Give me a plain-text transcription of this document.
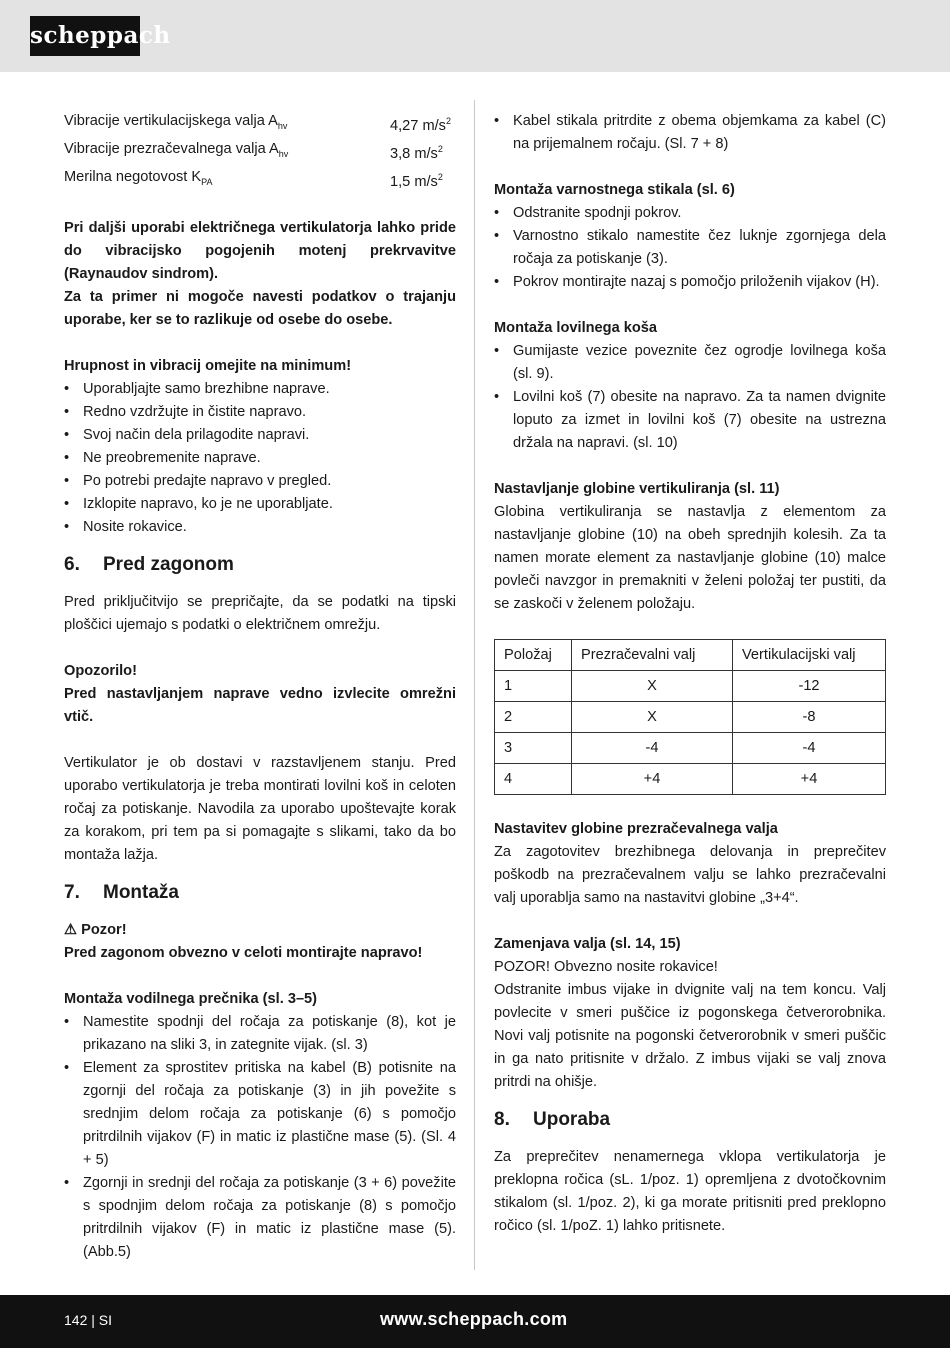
scheppach
Vibracije vertikulacijskega valja $A_{hv}$	4,27 $m/s^2$
Vibracije prezračevalnega valja $A_{hv}$	3,8 $m/s^2$
Merilna negotovost $K_{PA}$	1,5 $m/s^2$

Pri daljši uporabi električnega vertikulatorja lahko pride do vibracijsko pogojenih motenj prekrvavitve (Raynaudov sindrom).

Za ta primer ni mogoče navesti podatkov o trajanju uporabe, ker se to razlikuje od osebe do osebe.

Hrupnost in vibracij omejite na minimum!

• Uporabljajte samo brezhibne naprave.
• Redno vzdržujte in čistite napravo.
• Svoj način dela prilagodite napravi.
• Ne preobremenite naprave.
• Po potrebi predajte napravo v pregled.
• Izklopite napravo, ko je ne uporabljate.
• Nosite rokavice.
6. Pred zagonom

Pred priključitvijo se prepričajte, da se podatki na tipski ploščici ujemajo s podatki o električnem omrežju.

Opozorilo!

Pred nastavljanjem naprave vedno izvlecite omrežni vtič.

Vertikulator je ob dostavi v razstavljenem stanju. Pred uporabo vertikulatorja je treba montirati lovilni koš in celoten ročaj za potiskanje. Navodila za uporabo upoštevajte korak za korakom, pri tem pa si pomagajte s slikami, tako da bo montaža lažja.

7. Montaža

⚠ Pozor!

Pred zagonom obvezno v celoti montirajte napravo!

Montaža vodilnega prečnika (sl. 3–5)

• Namestite spodnji del ročaja za potiskanje (8), kot je prikazano na sliki 3, in zategnite vijak. (sl. 3)
• Element za sprostitev pritiska na kabel (B) potisnite na zgornji del ročaja za potiskanje (3) in jih povežite s srednjim delom ročaja za potiskanje (6) s pomočjo pritrdilnih vijakov (F) in matic iz plastične mase (5). (Sl. 4 + 5)
• Zgornji in srednji del ročaja za potiskanje (3 + 6) povežite s spodnjim delom ročaja za potiskanje (8) s pomočjo pritrdilnih vijakov (F) in matic iz plastične mase (5). (Abb.5)
• Kabel stikala pritrdite z obema objemkama za kabel (C) na prijemalnem ročaju. (Sl. 7 + 8)

Montaža varnostnega stikala (sl. 6)

• Odstranite spodnji pokrov.
• Varnostno stikalo namestite čez luknje zgornjega dela ročaja za potiskanje (3).
• Pokrov montirajte nazaj s pomočjo priloženih vijakov (H).

Montaža lovilnega koša

• Gumijaste vezice poveznite čez ogrodje lovilnega koša (sl. 9).
• Lovilni koš (7) obesite na napravo. Za ta namen dvignite loputo za izmet in lovilni koš (7) obesite na ustrezna držala na napravi. (sl. 10)

Nastavljanje globine vertikuliranja (sl. 11)

Globina vertikuliranja se nastavlja z elementom za nastavljanje globine (10) na obeh sprednjih kolesih. Za ta namen morate element za nastavljanje globine (10) malce povleči navzgor in premakniti v želeni položaj ter pustiti, da se zaskoči v želenem položaju.

Položaj	Prezračevalni valj	Vertikulacijski valj
1	X	-12
2	X	-8
3	-4	-4
4	+4	+4

Nastavitev globine prezračevalnega valja

Za zagotovitev brezhibnega delovanja in preprečitev poškodb na prezračevalnem valju se lahko prezračevalni valj uporablja samo na nastavitvi globine „3+4“.

Zamenjava valja (sl. 14, 15)

POZOR! Obvezno nosite rokavice!

Odstranite imbus vijake in dvignite valj na tem koncu. Valj povlecite v smeri puščice iz pogonskega četverorobnika. Novi valj potisnite na pogonski četverorobnik v smeri puščic in ga nato pritisnite v držalo. Z imbus vijaki se valj znova pritrdi na ohišje.

8. Uporaba

Za preprečitev nenamernega vklopa vertikulatorja je preklopna ročica (sL. 1/poz. 1) opremljena z dvotočkovnim stikalom (sl. 1/poz. 2), ki ga morate pritisniti pred preklopno ročico (sl. 1/poZ. 1) lahko pritisnete.

142 | SI	www.scheppach.com
